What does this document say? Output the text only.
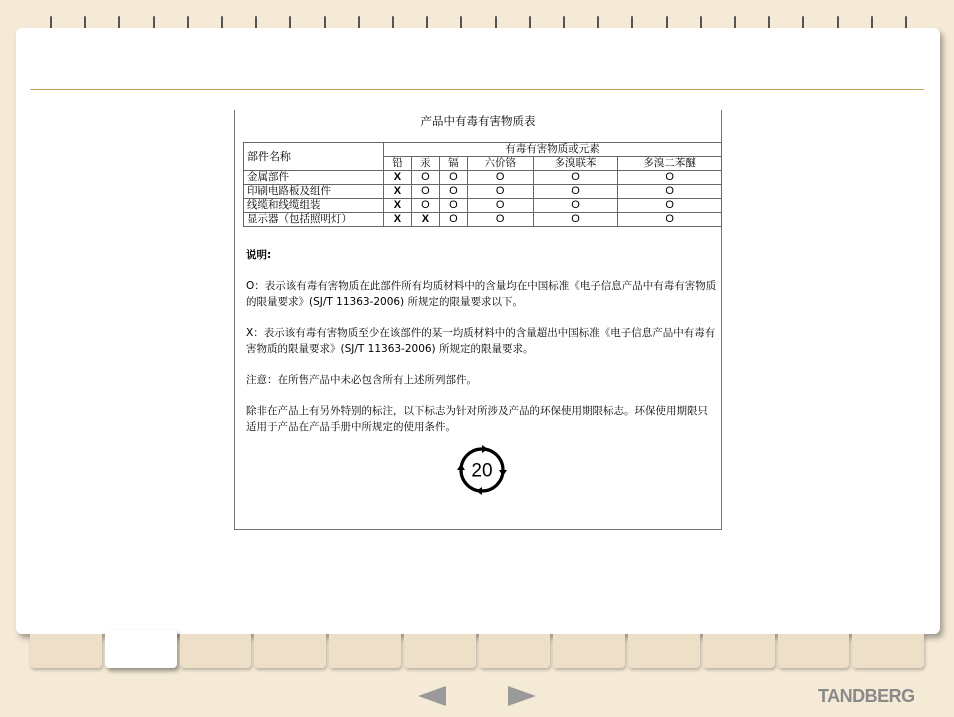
产品中有毒有害物质表
部件名称	有毒有害物质或元素					
	铅	汞	镉	六价铬	多溴联苯	多溴二苯醚
金属部件	X	O	O	O	O	O
印刷电路板及组件	X	O	O	O	O	O
线缆和线缆组装	X	O	O	O	O	O
显示器（包括照明灯）	X	X	O	O	O	O

说明:

O：表示该有毒有害物质在此部件所有均质材料中的含量均在中国标准《电子信息产品中有毒有害物质的限量要求》(SJ/T 11363-2006) 所规定的限量要求以下。

X：表示该有毒有害物质至少在该部件的某一均质材料中的含量超出中国标准《电子信息产品中有毒有害物质的限量要求》(SJ/T 11363-2006) 所规定的限量要求。

注意：在所售产品中未必包含所有上述所列部件。

除非在产品上有另外特别的标注，以下标志为针对所涉及产品的环保使用期限标志。环保使用期限只适用于产品在产品手册中所规定的使用条件。

20
TANDBERG
